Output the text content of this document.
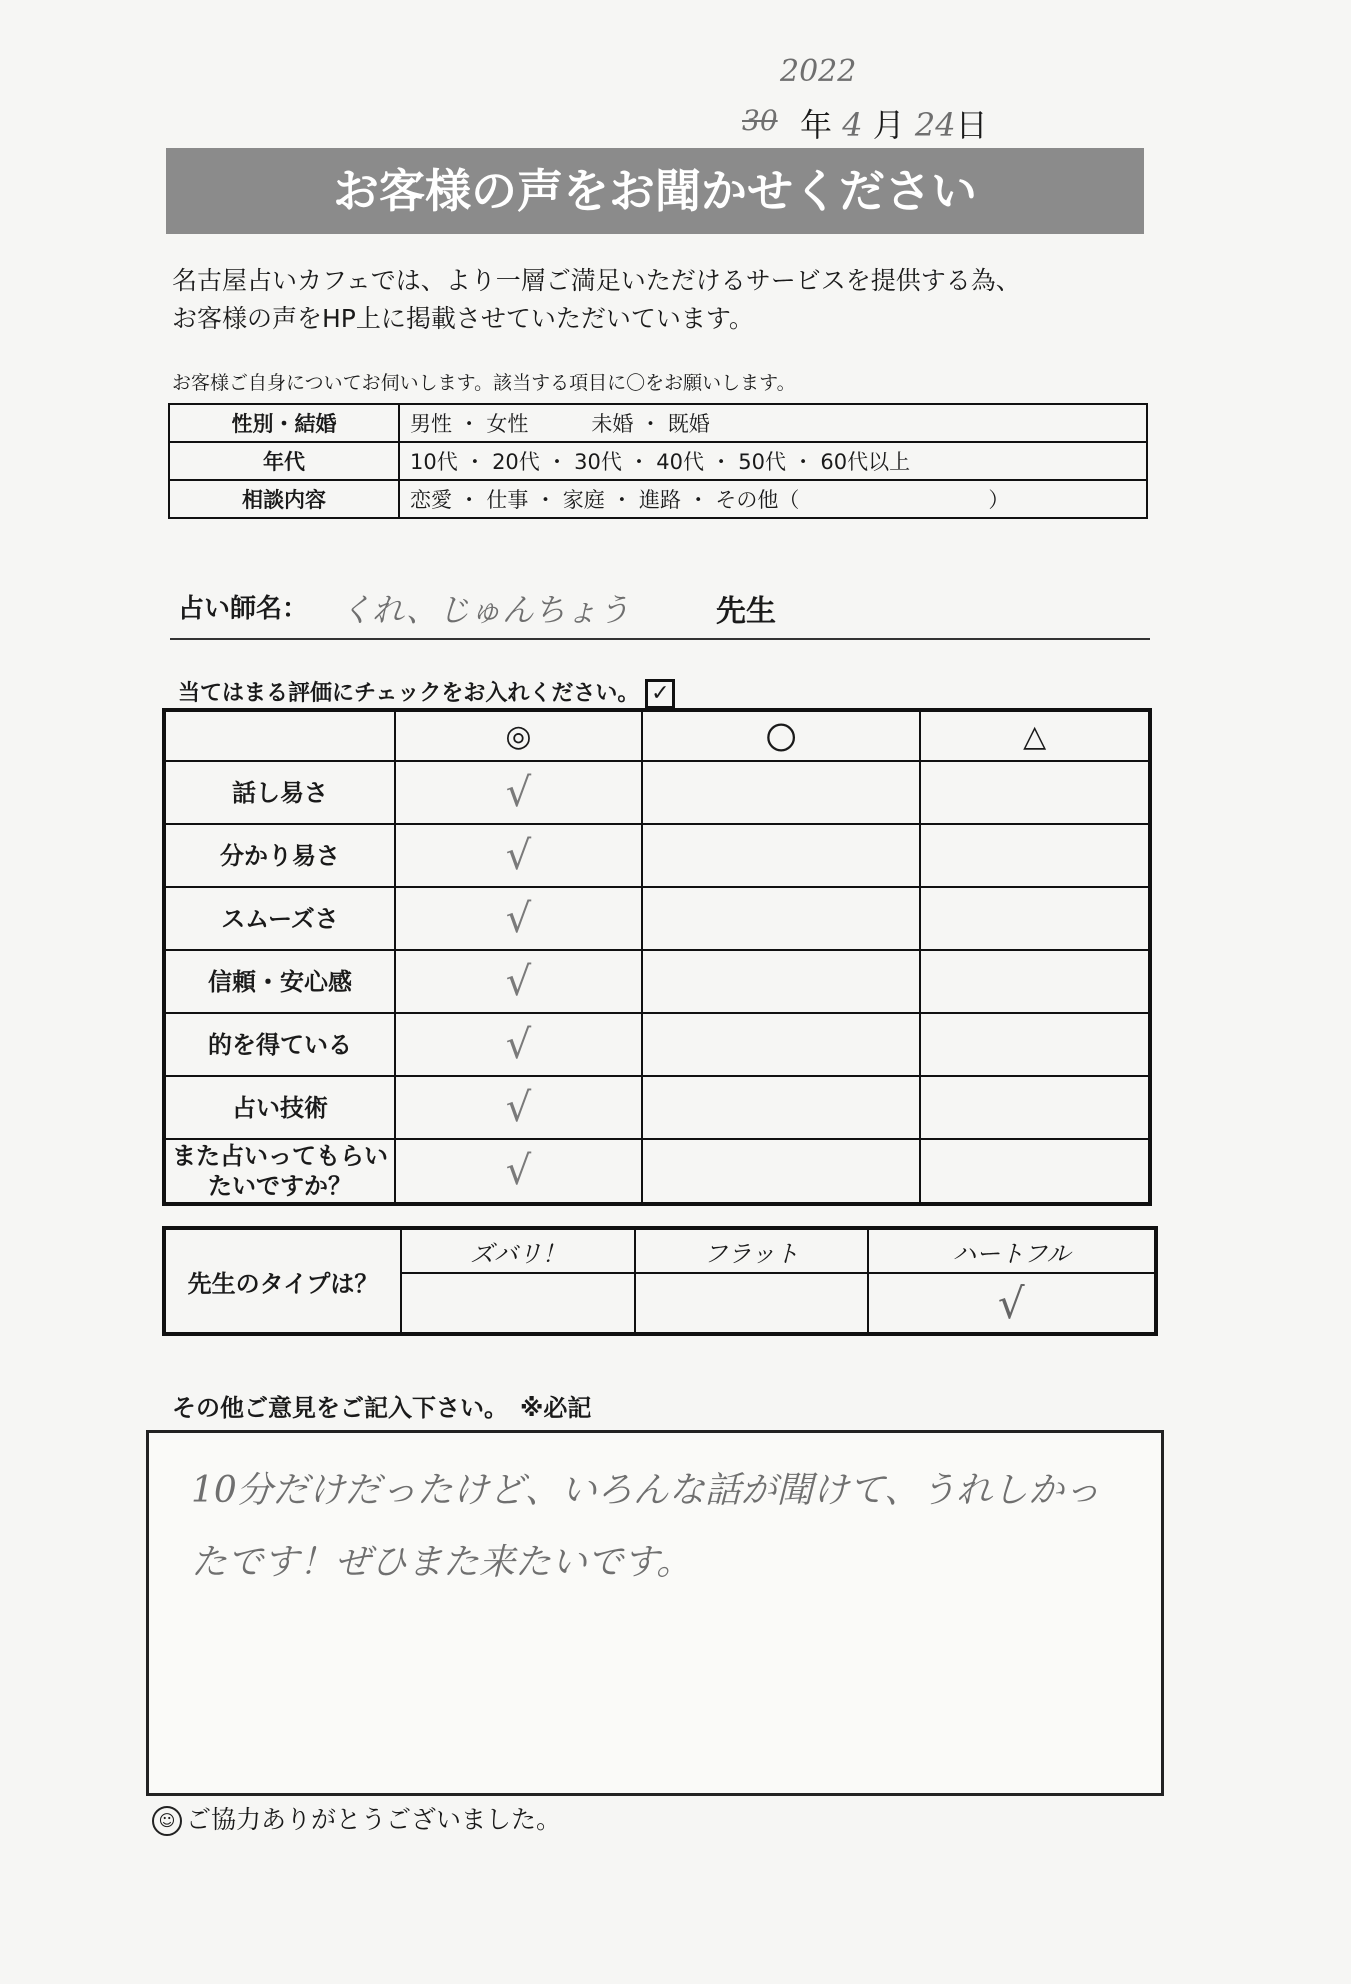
30
2022
年 4 月 24日
お客様の声をお聞かせください
名古屋占いカフェでは、より一層ご満足いただけるサービスを提供する為、
お客様の声をHP上に掲載させていただいています。
お客様ご自身についてお伺いします。該当する項目に〇をお願いします。
性別・結婚	男性 ・ 女性　　　未婚 ・ 既婚
年代	10代 ・ 20代 ・ 30代 ・ 40代 ・ 50代 ・ 60代以上
相談内容	恋愛 ・ 仕事 ・ 家庭 ・ 進路 ・ その他（　　　　　　　　　）
占い師名： くれ、じゅんちょう	先生
当てはまる評価にチェックをお入れください。 ✓
	◎	〇	△
話し易さ	√		
分かり易さ	√		
スムーズさ	√		
信頼・安心感	√		
的を得ている	√		
占い技術	√		
また占いってもらいたいですか？	√		
先生のタイプは？	ズバリ！	フラット	ハートフル
			√
その他ご意見をご記入下さい。　※必記
10分だけだったけど、いろんな話が聞けて、うれしかったです！ぜひまた来たいです。
☺ ご協力ありがとうございました。
